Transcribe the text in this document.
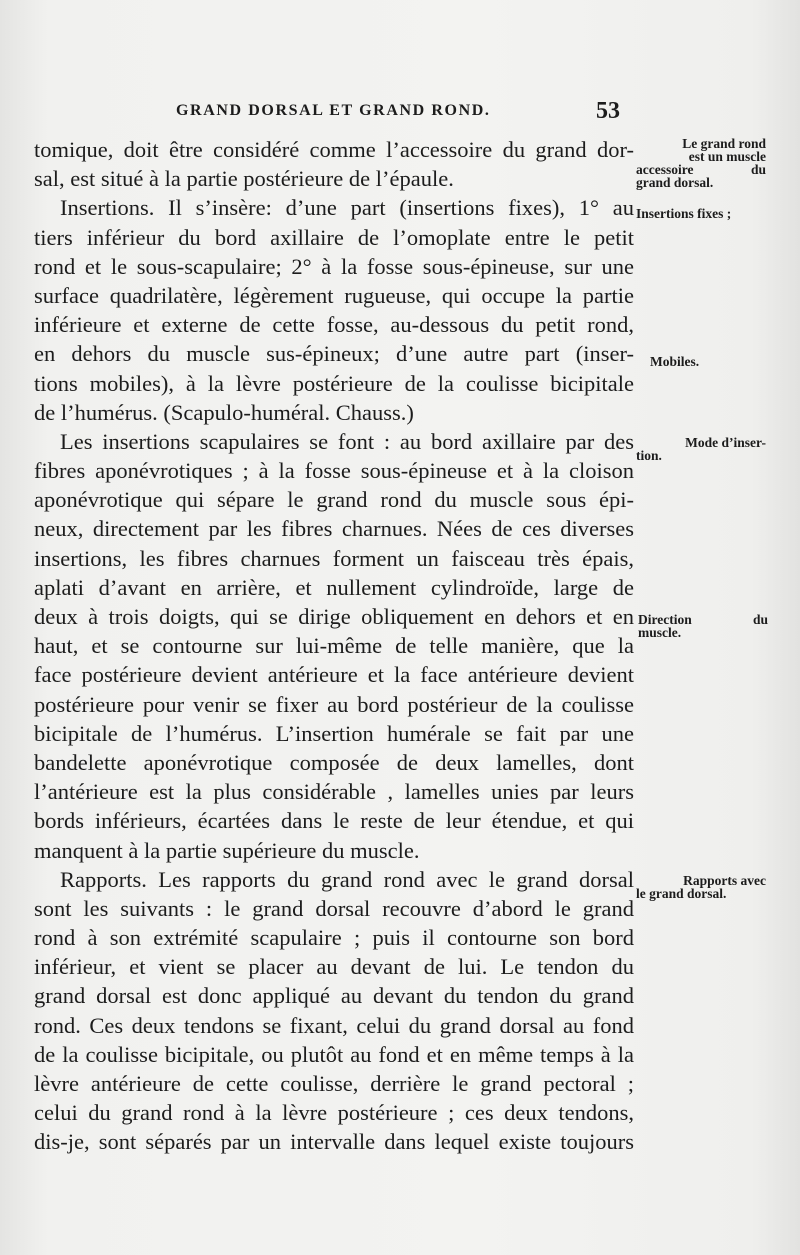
GRAND DORSAL ET GRAND ROND.	53
tomique, doit être considéré comme l’accessoire du grand dor-
sal, est situé à la partie postérieure de l’épaule.
Insertions. Il s’insère: d’une part (insertions fixes), 1° au
tiers inférieur du bord axillaire de l’omoplate entre le petit
rond et le sous-scapulaire; 2° à la fosse sous-épineuse, sur une
surface quadrilatère, légèrement rugueuse, qui occupe la partie
inférieure et externe de cette fosse, au-dessous du petit rond,
en dehors du muscle sus-épineux; d’une autre part (inser-
tions mobiles), à la lèvre postérieure de la coulisse bicipitale
de l’humérus. (Scapulo-huméral. Chauss.)
Les insertions scapulaires se font : au bord axillaire par des
fibres aponévrotiques ; à la fosse sous-épineuse et à la cloison
aponévrotique qui sépare le grand rond du muscle sous épi-
neux, directement par les fibres charnues. Nées de ces diverses
insertions, les fibres charnues forment un faisceau très épais,
aplati d’avant en arrière, et nullement cylindroïde, large de
deux à trois doigts, qui se dirige obliquement en dehors et en
haut, et se contourne sur lui-même de telle manière, que la
face postérieure devient antérieure et la face antérieure devient
postérieure pour venir se fixer au bord postérieur de la coulisse
bicipitale de l’humérus. L’insertion humérale se fait par une
bandelette aponévrotique composée de deux lamelles, dont
l’antérieure est la plus considérable , lamelles unies par leurs
bords inférieurs, écartées dans le reste de leur étendue, et qui
manquent à la partie supérieure du muscle.
Rapports. Les rapports du grand rond avec le grand dorsal
sont les suivants : le grand dorsal recouvre d’abord le grand
rond à son extrémité scapulaire ; puis il contourne son bord
inférieur, et vient se placer au devant de lui. Le tendon du
grand dorsal est donc appliqué au devant du tendon du grand
rond. Ces deux tendons se fixant, celui du grand dorsal au fond
de la coulisse bicipitale, ou plutôt au fond et en même temps à la
lèvre antérieure de cette coulisse, derrière le grand pectoral ;
celui du grand rond à la lèvre postérieure ; ces deux tendons,
dis-je, sont séparés par un intervalle dans lequel existe toujours
Le grand rond
est un muscle
accessoire du
grand dorsal.
Insertions fixes ;
Mobiles.
Mode d’inser-
tion.
Direction du
muscle.
Rapports avec
le grand dorsal.
